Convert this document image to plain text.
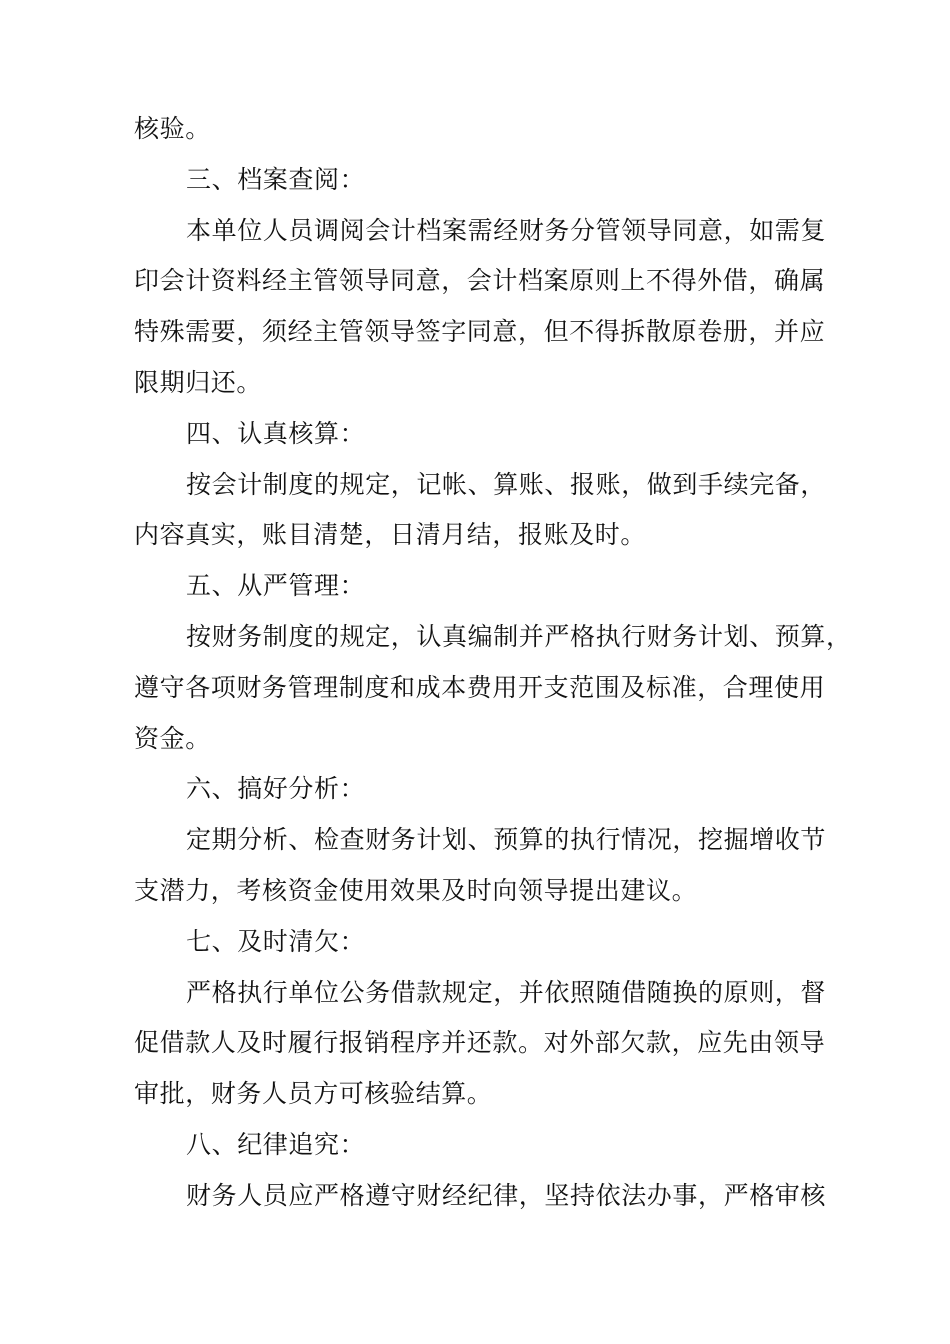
核验。
三、档案查阅：
本单位人员调阅会计档案需经财务分管领导同意，如需复
印会计资料经主管领导同意，会计档案原则上不得外借，确属
特殊需要，须经主管领导签字同意，但不得拆散原卷册，并应
限期归还。
四、认真核算：
按会计制度的规定，记帐、算账、报账，做到手续完备，
内容真实，账目清楚，日清月结，报账及时。
五、从严管理：
按财务制度的规定，认真编制并严格执行财务计划、预算，
遵守各项财务管理制度和成本费用开支范围及标准，合理使用
资金。
六、搞好分析：
定期分析、检查财务计划、预算的执行情况，挖掘增收节
支潜力，考核资金使用效果及时向领导提出建议。
七、及时清欠：
严格执行单位公务借款规定，并依照随借随换的原则，督
促借款人及时履行报销程序并还款。对外部欠款，应先由领导
审批，财务人员方可核验结算。
八、纪律追究：
财务人员应严格遵守财经纪律，坚持依法办事，严格审核
